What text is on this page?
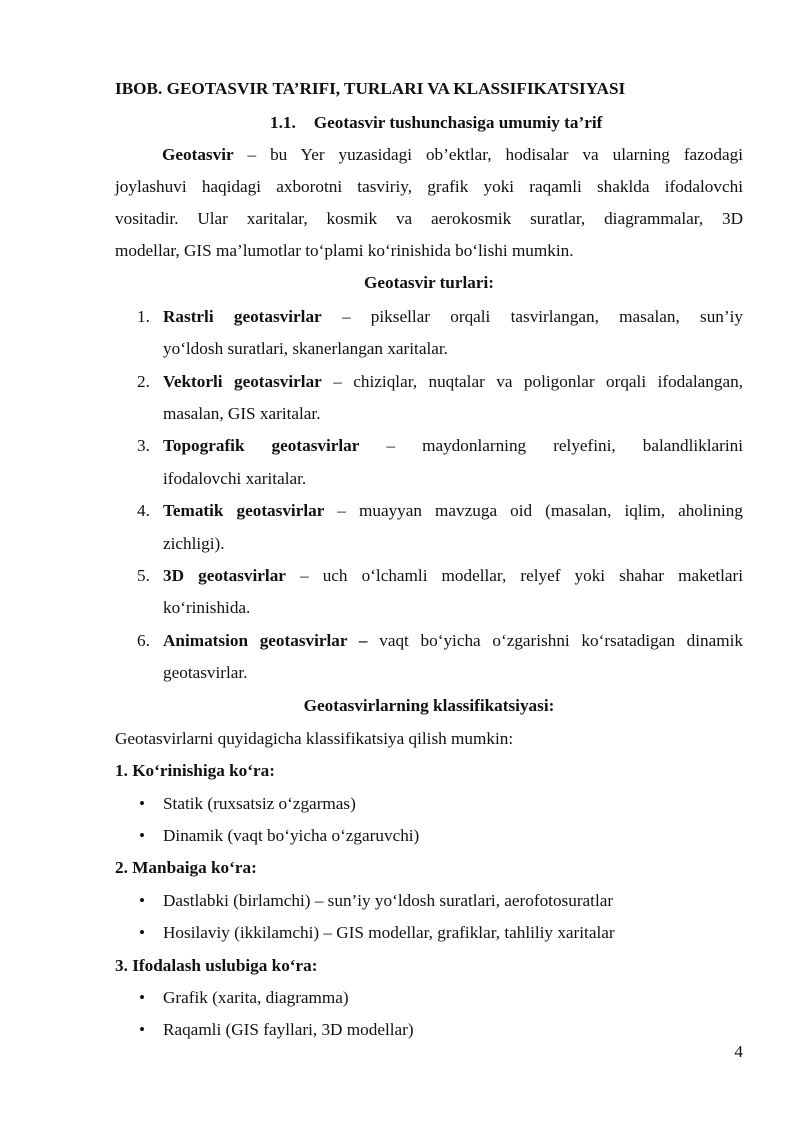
IBOB. GEOTASVIR TA’RIFI, TURLARI VA KLASSIFIKATSIYASI
1.1. Geotasvir tushunchasiga umumiy ta’rif
Geotasvir – bu Yer yuzasidagi ob’ektlar, hodisalar va ularning fazodagi
joylashuvi haqidagi axborotni tasviriy, grafik yoki raqamli shaklda ifodalovchi
vositadir. Ular xaritalar, kosmik va aerokosmik suratlar, diagrammalar, 3D
modellar, GIS ma’lumotlar to‘plami ko‘rinishida bo‘lishi mumkin.
Geotasvir turlari:
1. Rastrli geotasvirlar – piksellar orqali tasvirlangan, masalan, sun’iy
yo‘ldosh suratlari, skanerlangan xaritalar.
2. Vektorli geotasvirlar – chiziqlar, nuqtalar va poligonlar orqali ifodalangan,
masalan, GIS xaritalar.
3. Topografik geotasvirlar – maydonlarning relyefini, balandliklarini
ifodalovchi xaritalar.
4. Tematik geotasvirlar – muayyan mavzuga oid (masalan, iqlim, aholining
zichligi).
5. 3D geotasvirlar – uch o‘lchamli modellar, relyef yoki shahar maketlari
ko‘rinishida.
6. Animatsion geotasvirlar – vaqt bo‘yicha o‘zgarishni ko‘rsatadigan dinamik
geotasvirlar.
Geotasvirlarning klassifikatsiyasi:
Geotasvirlarni quyidagicha klassifikatsiya qilish mumkin:
1. Ko‘rinishiga ko‘ra:
• Statik (ruxsatsiz o‘zgarmas)
• Dinamik (vaqt bo‘yicha o‘zgaruvchi)
2. Manbaiga ko‘ra:
• Dastlabki (birlamchi) – sun’iy yo‘ldosh suratlari, aerofotosuratlar
• Hosilaviy (ikkilamchi) – GIS modellar, grafiklar, tahliliy xaritalar
3. Ifodalash uslubiga ko‘ra:
• Grafik (xarita, diagramma)
• Raqamli (GIS fayllari, 3D modellar)
4
